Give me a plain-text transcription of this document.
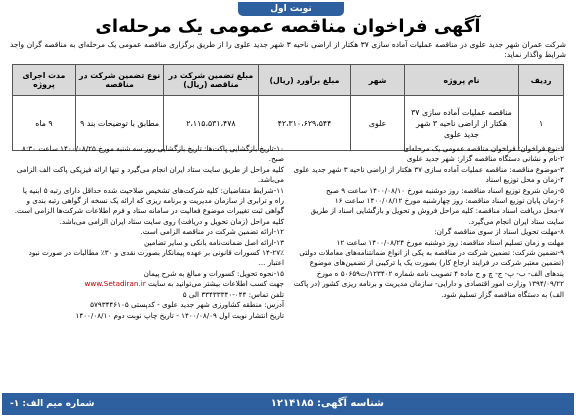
نوبت اول
آگهی فراخوان مناقصه عمومی یک مرحله‌ای
شرکت عمران شهر جدید علوی در مناقصه عملیات آماده سازی ۳۷ هکتار از اراضی ناحیه ۳ شهر جدید علوی را از طریق برگزاری مناقصه عمومی یک مرحله‌ای به مناقصه گران واجد شرایط واگذار نماید:
ردیف	نام پروژه	شهر	مبلغ برآورد (ریال)	مبلغ تضمین شرکت در مناقصه (ریال)	نوع تضمین شرکت در مناقصه	مدت اجرای پروژه
۱	مناقصه عملیات آماده سازی ۳۷ هکتار از اراضی ناحیه ۳ شهر جدید علوی	علوی	۴۲،۳۱۰،۶۲۹،۵۴۴	۲،۱۱۵،۵۳۱،۴۷۸	مطابق با توضیحات بند ۹	۹ ماه

۱-نوع فراخوان: فراخوان مناقصه عمومی یک مرحله‌ای

۲-نام و نشانی دستگاه مناقصه گزار: شهر جدید علوی

۳-موضوع مناقصه: مناقصه عملیات آماده سازی ۳۷ هکتار از اراضی ناحیه ۳ شهر جدید علوی

۴-زمان و محل توزیع اسناد

۵-زمان شروع توزیع اسناد مناقصه: روز دوشنبه مورخ ۱۴۰۰/۰۸/۱۰ ساعت ۹ صبح

۶-زمان پایان توزیع اسناد مناقصه: روز چهارشنبه مورخ ۱۴۰۰/۰۸/۱۲ ساعت ۱۶

۷-محل دریافت اسناد مناقصه: کلیه مراحل فروش و تحویل و بازگشایی اسناد از طریق سایت ستاد ایران انجام می‌گیرد.

۸-مهلت تحویل اسناد از سوی مناقصه گران:

مهلت و زمان تسلیم اسناد مناقصه: روز دوشنبه مورخ ۱۴۰۰/۰۸/۲۴ ساعت ۱۲

۹-تضمین شرکت: تضمین شرکت در مناقصه به یکی از انواع ضمانتنامه‌های معاملات دولتی (تضمین معتبر شرکت در فرایند ارجاع کار) بصورت یک یا ترکیبی از تضمین‌های موضوع بندهای الف- ب- پ- ج- چ و ح ماده ۴ تصویب نامه شماره ۱۲۳۴۰۲/ت۵۰۶۵۹ ه مورخ ۱۳۹۴/۰۹/۲۲ وزارت امور اقتصادی و دارایی- سازمان مدیریت و برنامه ریزی کشور (در پاکت الف) به دستگاه مناقصه گزار تسلیم شود.

۱۰-تاریخ بازگشایی پاکت‌ها: تاریخ بازگشایی روز سه شنبه مورخ ۱۴۰۰/۰۸/۲۵ ساعت ۸:۳۰ صبح.

کلیه مراحل از طریق سایت ستاد ایران انجام می‌گیرد و تنها ارائه فیزیکی پاکت الف الزامی می‌باشد.

۱۱-شرایط متقاضیان: کلیه شرکت‌های تشخیص صلاحیت شده حداقل دارای رتبه ۵ ابنیه یا راه و ترابری از سازمان مدیریت و برنامه ریزی که ارائه یک نسخه از گواهی رتبه بندی و گواهی ثبت تغییرات موضوع فعالیت در سامانه ستاد و فرم اطلاعات شرکت‌ها الزامی است. کلیه مراحل (زمان تحویل و دریافت) روی سایت ستاد ایران الزامی می‌باشد.

۱۲-ارائه تضمین شرکت در مناقصه الزامی است.

۱۳-ارائه اصل ضمانت‌نامه بانکی و سایر تضامین

۱۴-۲۷٪ کسورات قانونی بر عهده پیمانکار بصورت نقدی و ۳۰٪ مطالبات در صورت نبود اعتبار ...

۱۵-نحوه تحویل: کسورات و مبالغ به شرح پیمان

جهت کسب اطلاعات بیشتر می‌توانید به سایت www.Setadiran.ir

تلفن تماس: ۰۴۴-۳۳۴۳۳۳۴۰ الی ۵

آدرس: منطقه کشاورزی شهر جدید علوی - کدپستی ۵۷۹۳۴۴۶۱۰۵

تاریخ انتشار نوبت اول ۱۴۰۰/۰۸/۰۹ - تاریخ چاپ نوبت دوم ۱۴۰۰/۰۸/۱۰

شناسه آگهی: ۱۲۱۴۱۸۵
شماره میم الف: ۱-
